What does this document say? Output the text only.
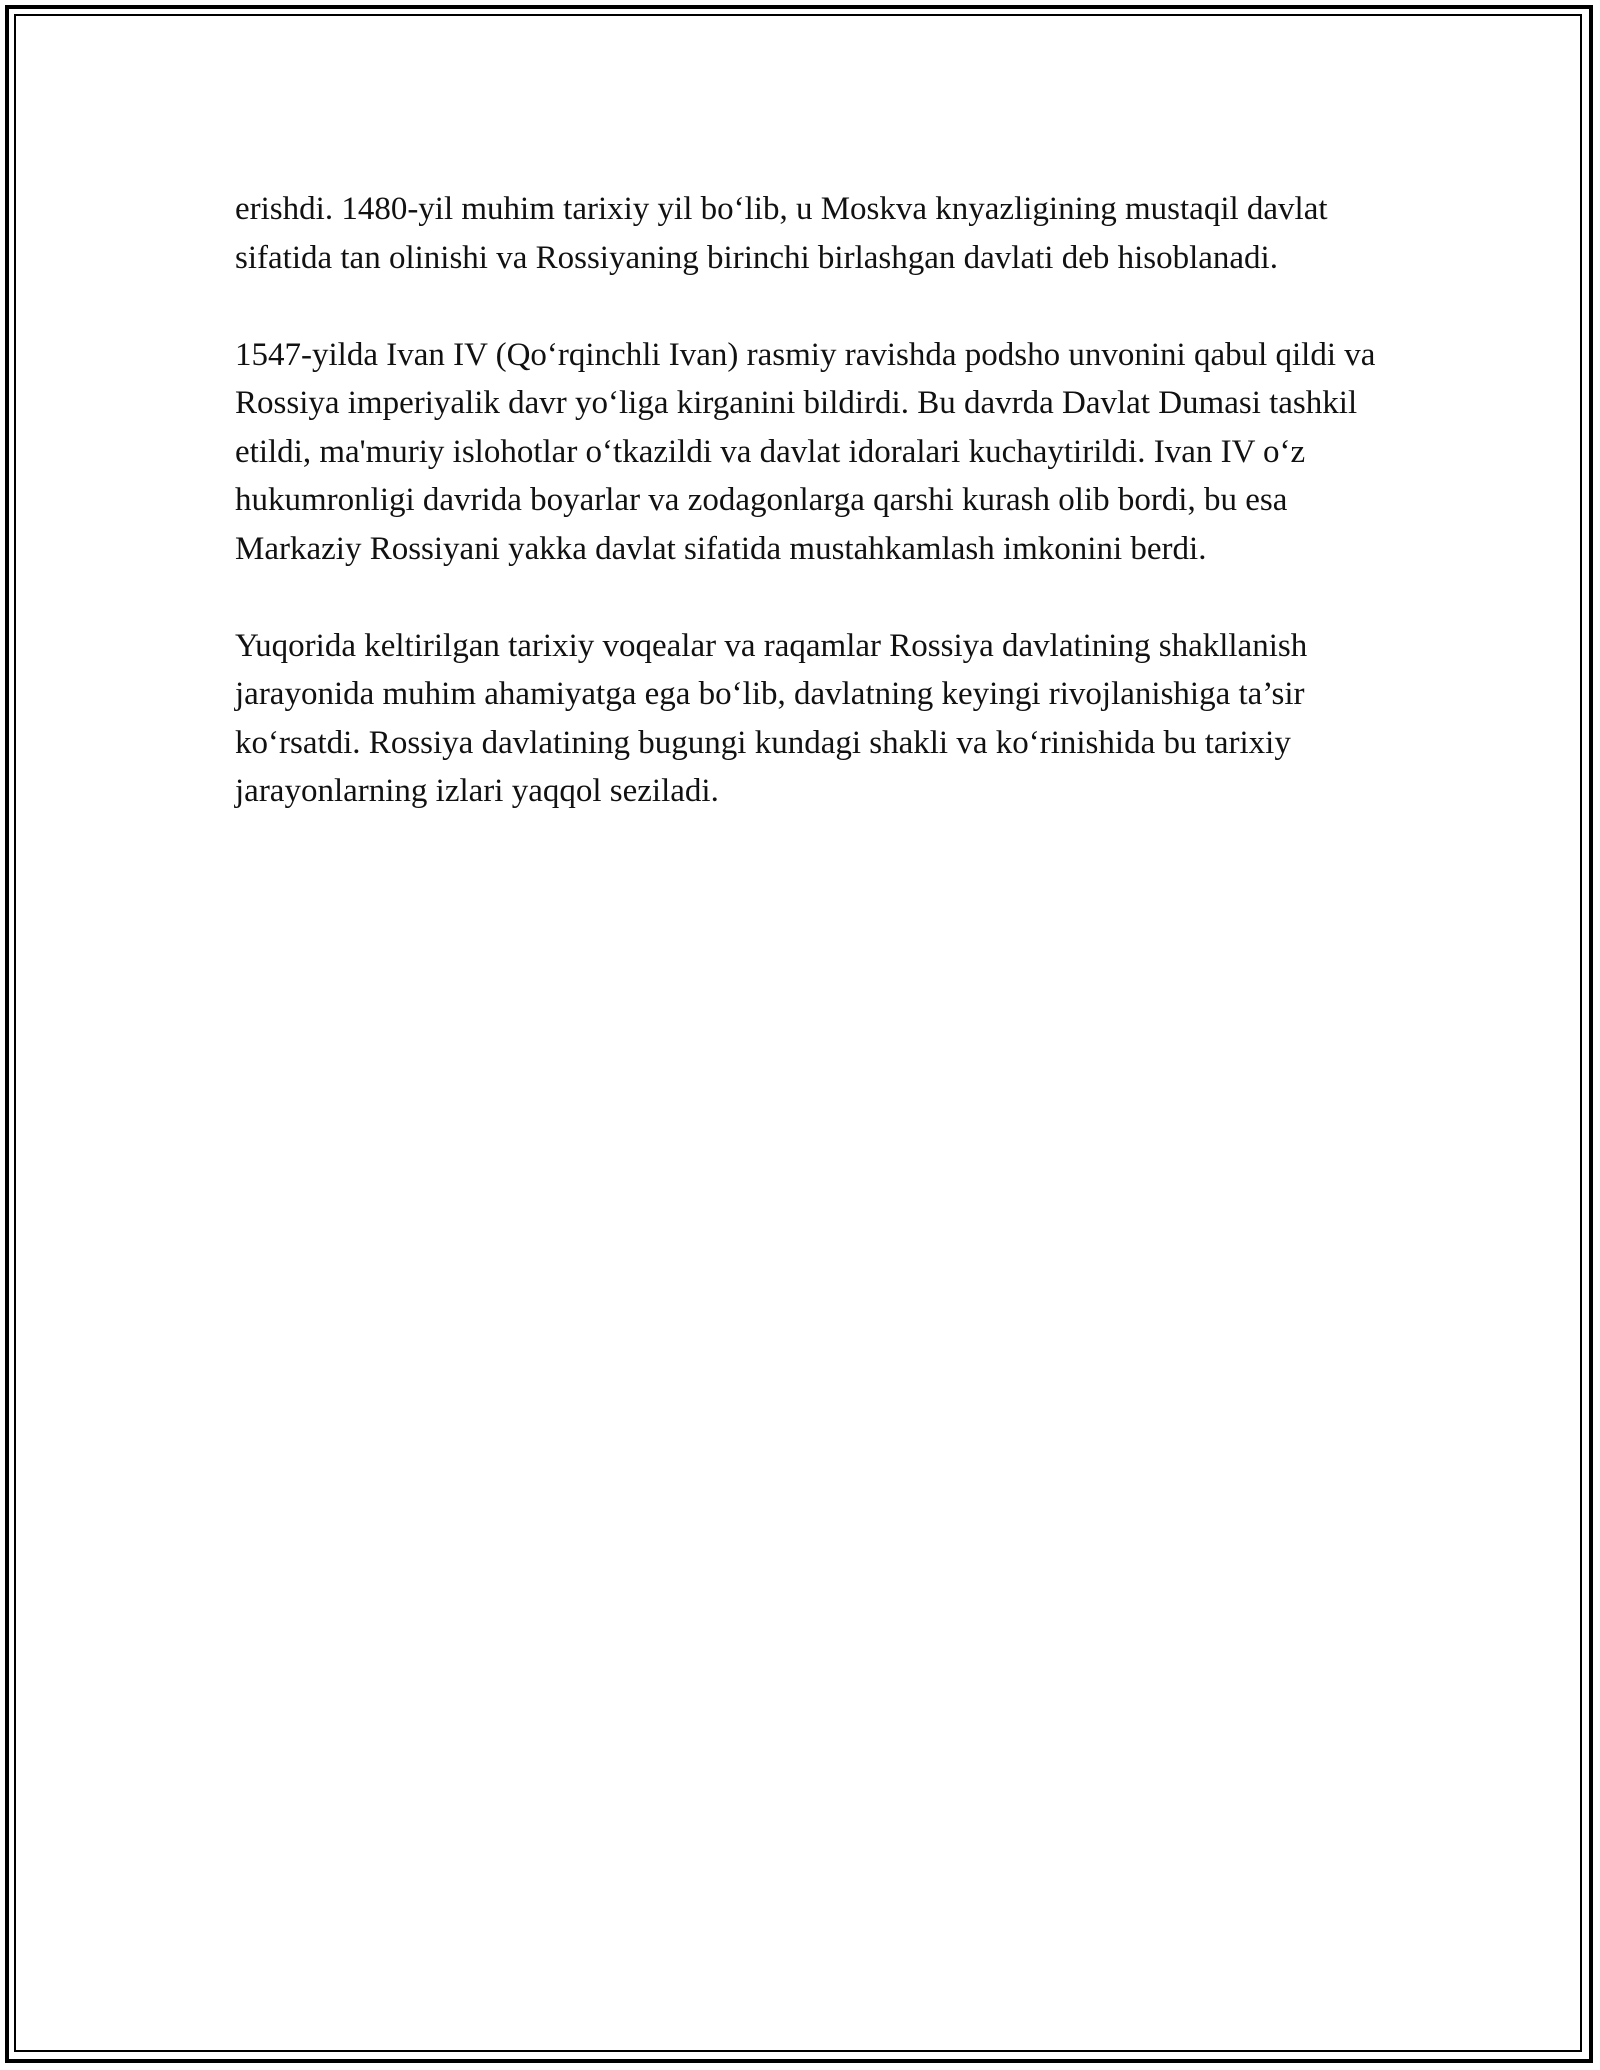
erishdi. 1480-yil muhim tarixiy yil bo‘lib, u Moskva knyazligining mustaqil davlat sifatida tan olinishi va Rossiyaning birinchi birlashgan davlati deb hisoblanadi.

1547-yilda Ivan IV (Qo‘rqinchli Ivan) rasmiy ravishda podsho unvonini qabul qildi va Rossiya imperiyalik davr yo‘liga kirganini bildirdi. Bu davrda Davlat Dumasi tashkil etildi, ma'muriy islohotlar o‘tkazildi va davlat idoralari kuchaytirildi. Ivan IV o‘z hukumronligi davrida boyarlar va zodagonlarga qarshi kurash olib bordi, bu esa Markaziy Rossiyani yakka davlat sifatida mustahkamlash imkonini berdi.

Yuqorida keltirilgan tarixiy voqealar va raqamlar Rossiya davlatining shakllanish jarayonida muhim ahamiyatga ega bo‘lib, davlatning keyingi rivojlanishiga ta’sir ko‘rsatdi. Rossiya davlatining bugungi kundagi shakli va ko‘rinishida bu tarixiy jarayonlarning izlari yaqqol seziladi.
